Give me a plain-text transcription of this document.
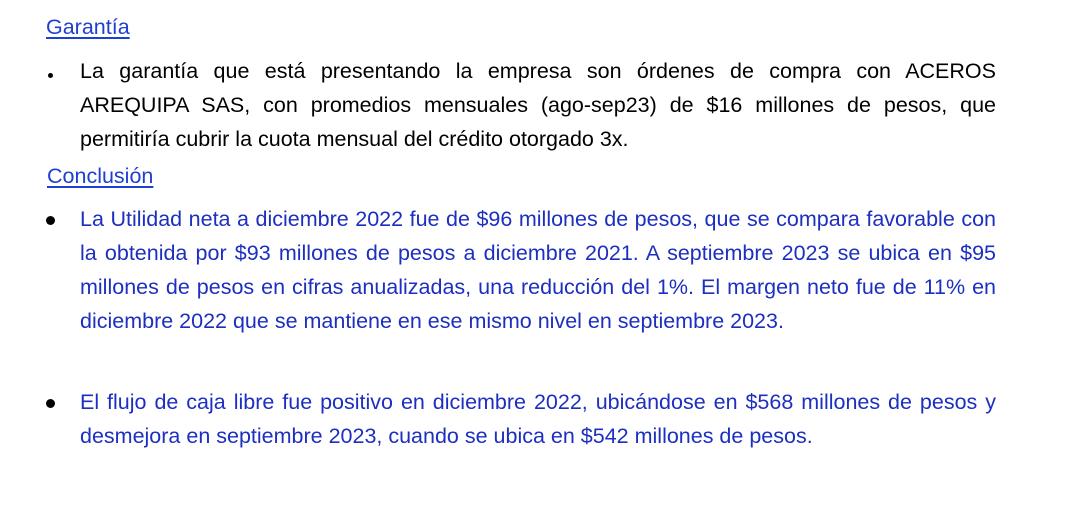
Garantía
La garantía que está presentando la empresa son órdenes de compra con ACEROS AREQUIPA SAS, con promedios mensuales (ago-sep23) de $16 millones de pesos, que permitiría cubrir la cuota mensual del crédito otorgado 3x.
Conclusión
La Utilidad neta a diciembre 2022 fue de $96 millones de pesos, que se compara favorable con la obtenida por $93 millones de pesos a diciembre 2021. A septiembre 2023 se ubica en $95 millones de pesos en cifras anualizadas, una reducción del 1%. El margen neto fue de 11% en diciembre 2022 que se mantiene en ese mismo nivel en septiembre 2023.
El flujo de caja libre fue positivo en diciembre 2022, ubicándose en $568 millones de pesos y desmejora en septiembre 2023, cuando se ubica en $542 millones de pesos.
